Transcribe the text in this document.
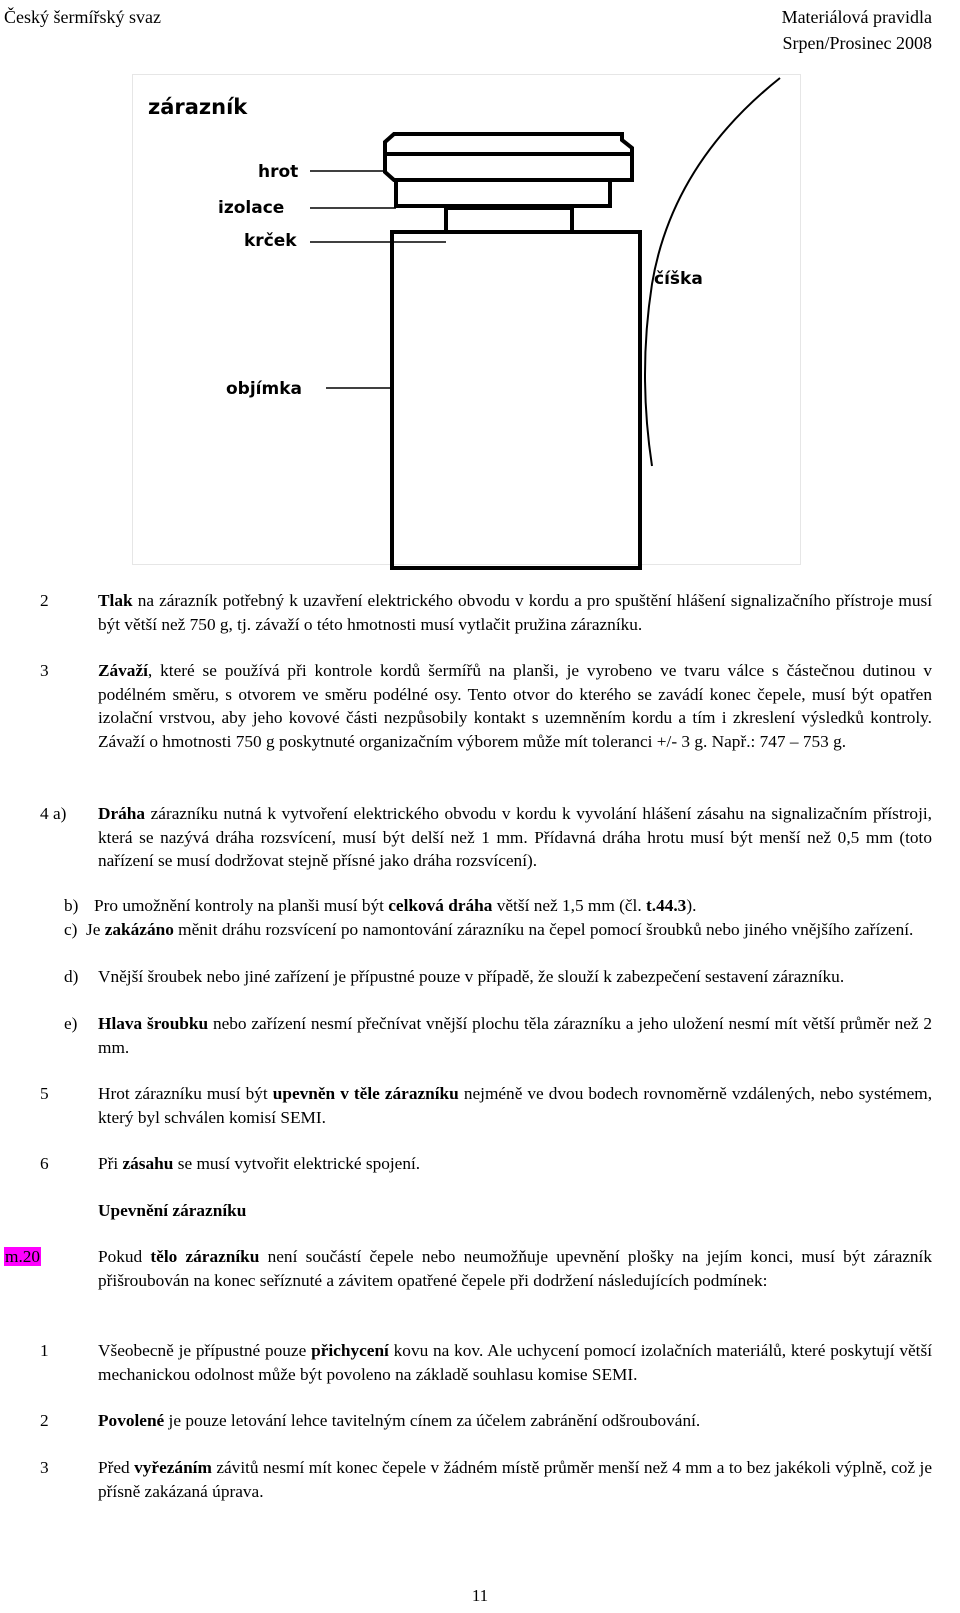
Český šermířský svaz	Materiálová pravidla
Srpen/Prosinec 2008
zárazník
hrot
izolace
krček
číška
objímka
2	Tlak na zárazník potřebný k uzavření elektrického obvodu v kordu a pro spuštění hlášení signalizačního přístroje musí být větší než 750 g, tj. závaží o této hmotnosti musí vytlačit pružina zárazníku.
3	Závaží, které se používá při kontrole kordů šermířů na planši, je vyrobeno ve tvaru válce s částečnou dutinou v podélném směru, s otvorem ve směru podélné osy. Tento otvor do kterého se zavádí konec čepele, musí být opatřen izolační vrstvou, aby jeho kovové části nezpůsobily kontakt s uzemněním kordu a tím i zkreslení výsledků kontroly. Závaží o hmotnosti 750 g poskytnuté organizačním výborem může mít toleranci +/- 3 g. Např.: 747 – 753 g.
4 a) Dráha zárazníku nutná k vytvoření elektrického obvodu v kordu k vyvolání hlášení zásahu na signalizačním přístroji, která se nazývá dráha rozsvícení, musí být delší než 1 mm. Přídavná dráha hrotu musí být menší než 0,5 mm (toto nařízení se musí dodržovat stejně přísné jako dráha rozsvícení).
b) Pro umožnění kontroly na planši musí být celková dráha větší než 1,5 mm (čl. t.44.3).
c) Je zakázáno měnit dráhu rozsvícení po namontování zárazníku na čepel pomocí šroubků nebo jiného vnějšího zařízení.
d) Vnější šroubek nebo jiné zařízení je přípustné pouze v případě, že slouží k zabezpečení sestavení zárazníku.
e) Hlava šroubku nebo zařízení nesmí přečnívat vnější plochu těla zárazníku a jeho uložení nesmí mít větší průměr než 2 mm.
5	Hrot zárazníku musí být upevněn v těle zárazníku nejméně ve dvou bodech rovnoměrně vzdálených, nebo systémem, který byl schválen komisí SEMI.
6	Při zásahu se musí vytvořit elektrické spojení.
Upevnění zárazníku
m.20	Pokud tělo zárazníku není součástí čepele nebo neumožňuje upevnění plošky na jejím konci, musí být zárazník přišroubován na konec seříznuté a závitem opatřené čepele při dodržení následujících podmínek:
1	Všeobecně je přípustné pouze přichycení kovu na kov. Ale uchycení pomocí izolačních materiálů, které poskytují větší mechanickou odolnost může být povoleno na základě souhlasu komise SEMI.
2	Povolené je pouze letování lehce tavitelným cínem za účelem zabránění odšroubování.
3	Před vyřezáním závitů nesmí mít konec čepele v žádném místě průměr menší než 4 mm a to bez jakékoli výplně, což je přísně zakázaná úprava.
11
